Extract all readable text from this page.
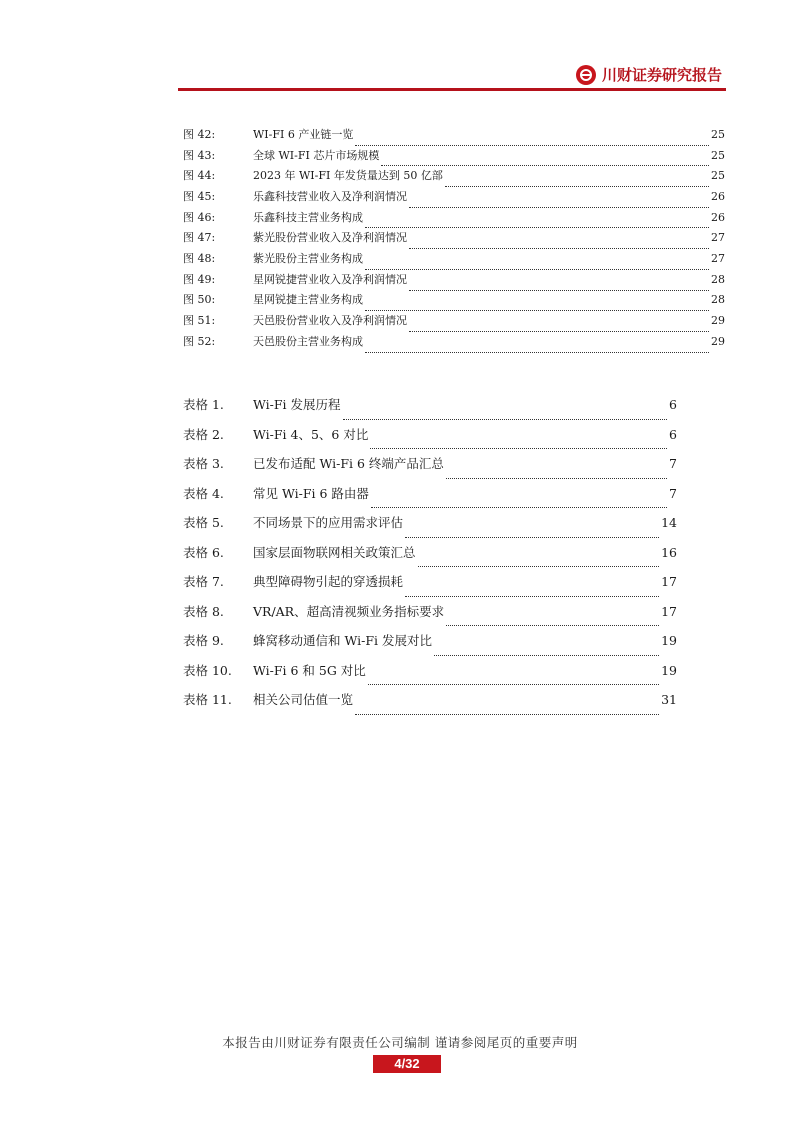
川财证券研究报告
图 42:	WI-FI 6 产业链一览	25
图 43:	全球 WI-FI 芯片市场规模	25
图 44:	2023 年 WI-FI 年发货量达到 50 亿部	25
图 45:	乐鑫科技营业收入及净利润情况	26
图 46:	乐鑫科技主营业务构成	26
图 47:	紫光股份营业收入及净利润情况	27
图 48:	紫光股份主营业务构成	27
图 49:	星网锐捷营业收入及净利润情况	28
图 50:	星网锐捷主营业务构成	28
图 51:	天邑股份营业收入及净利润情况	29
图 52:	天邑股份主营业务构成	29
表格 1.	Wi-Fi 发展历程	6
表格 2.	Wi-Fi 4、5、6 对比	6
表格 3.	已发布适配 Wi-Fi 6 终端产品汇总	7
表格 4.	常见 Wi-Fi 6 路由器	7
表格 5.	不同场景下的应用需求评估	14
表格 6.	国家层面物联网相关政策汇总	16
表格 7.	典型障碍物引起的穿透损耗	17
表格 8.	VR/AR、超高清视频业务指标要求	17
表格 9.	蜂窝移动通信和 Wi-Fi 发展对比	19
表格 10.	Wi-Fi 6 和 5G 对比	19
表格 11.	相关公司估值一览	31
本报告由川财证券有限责任公司编制 谨请参阅尾页的重要声明
4/32
